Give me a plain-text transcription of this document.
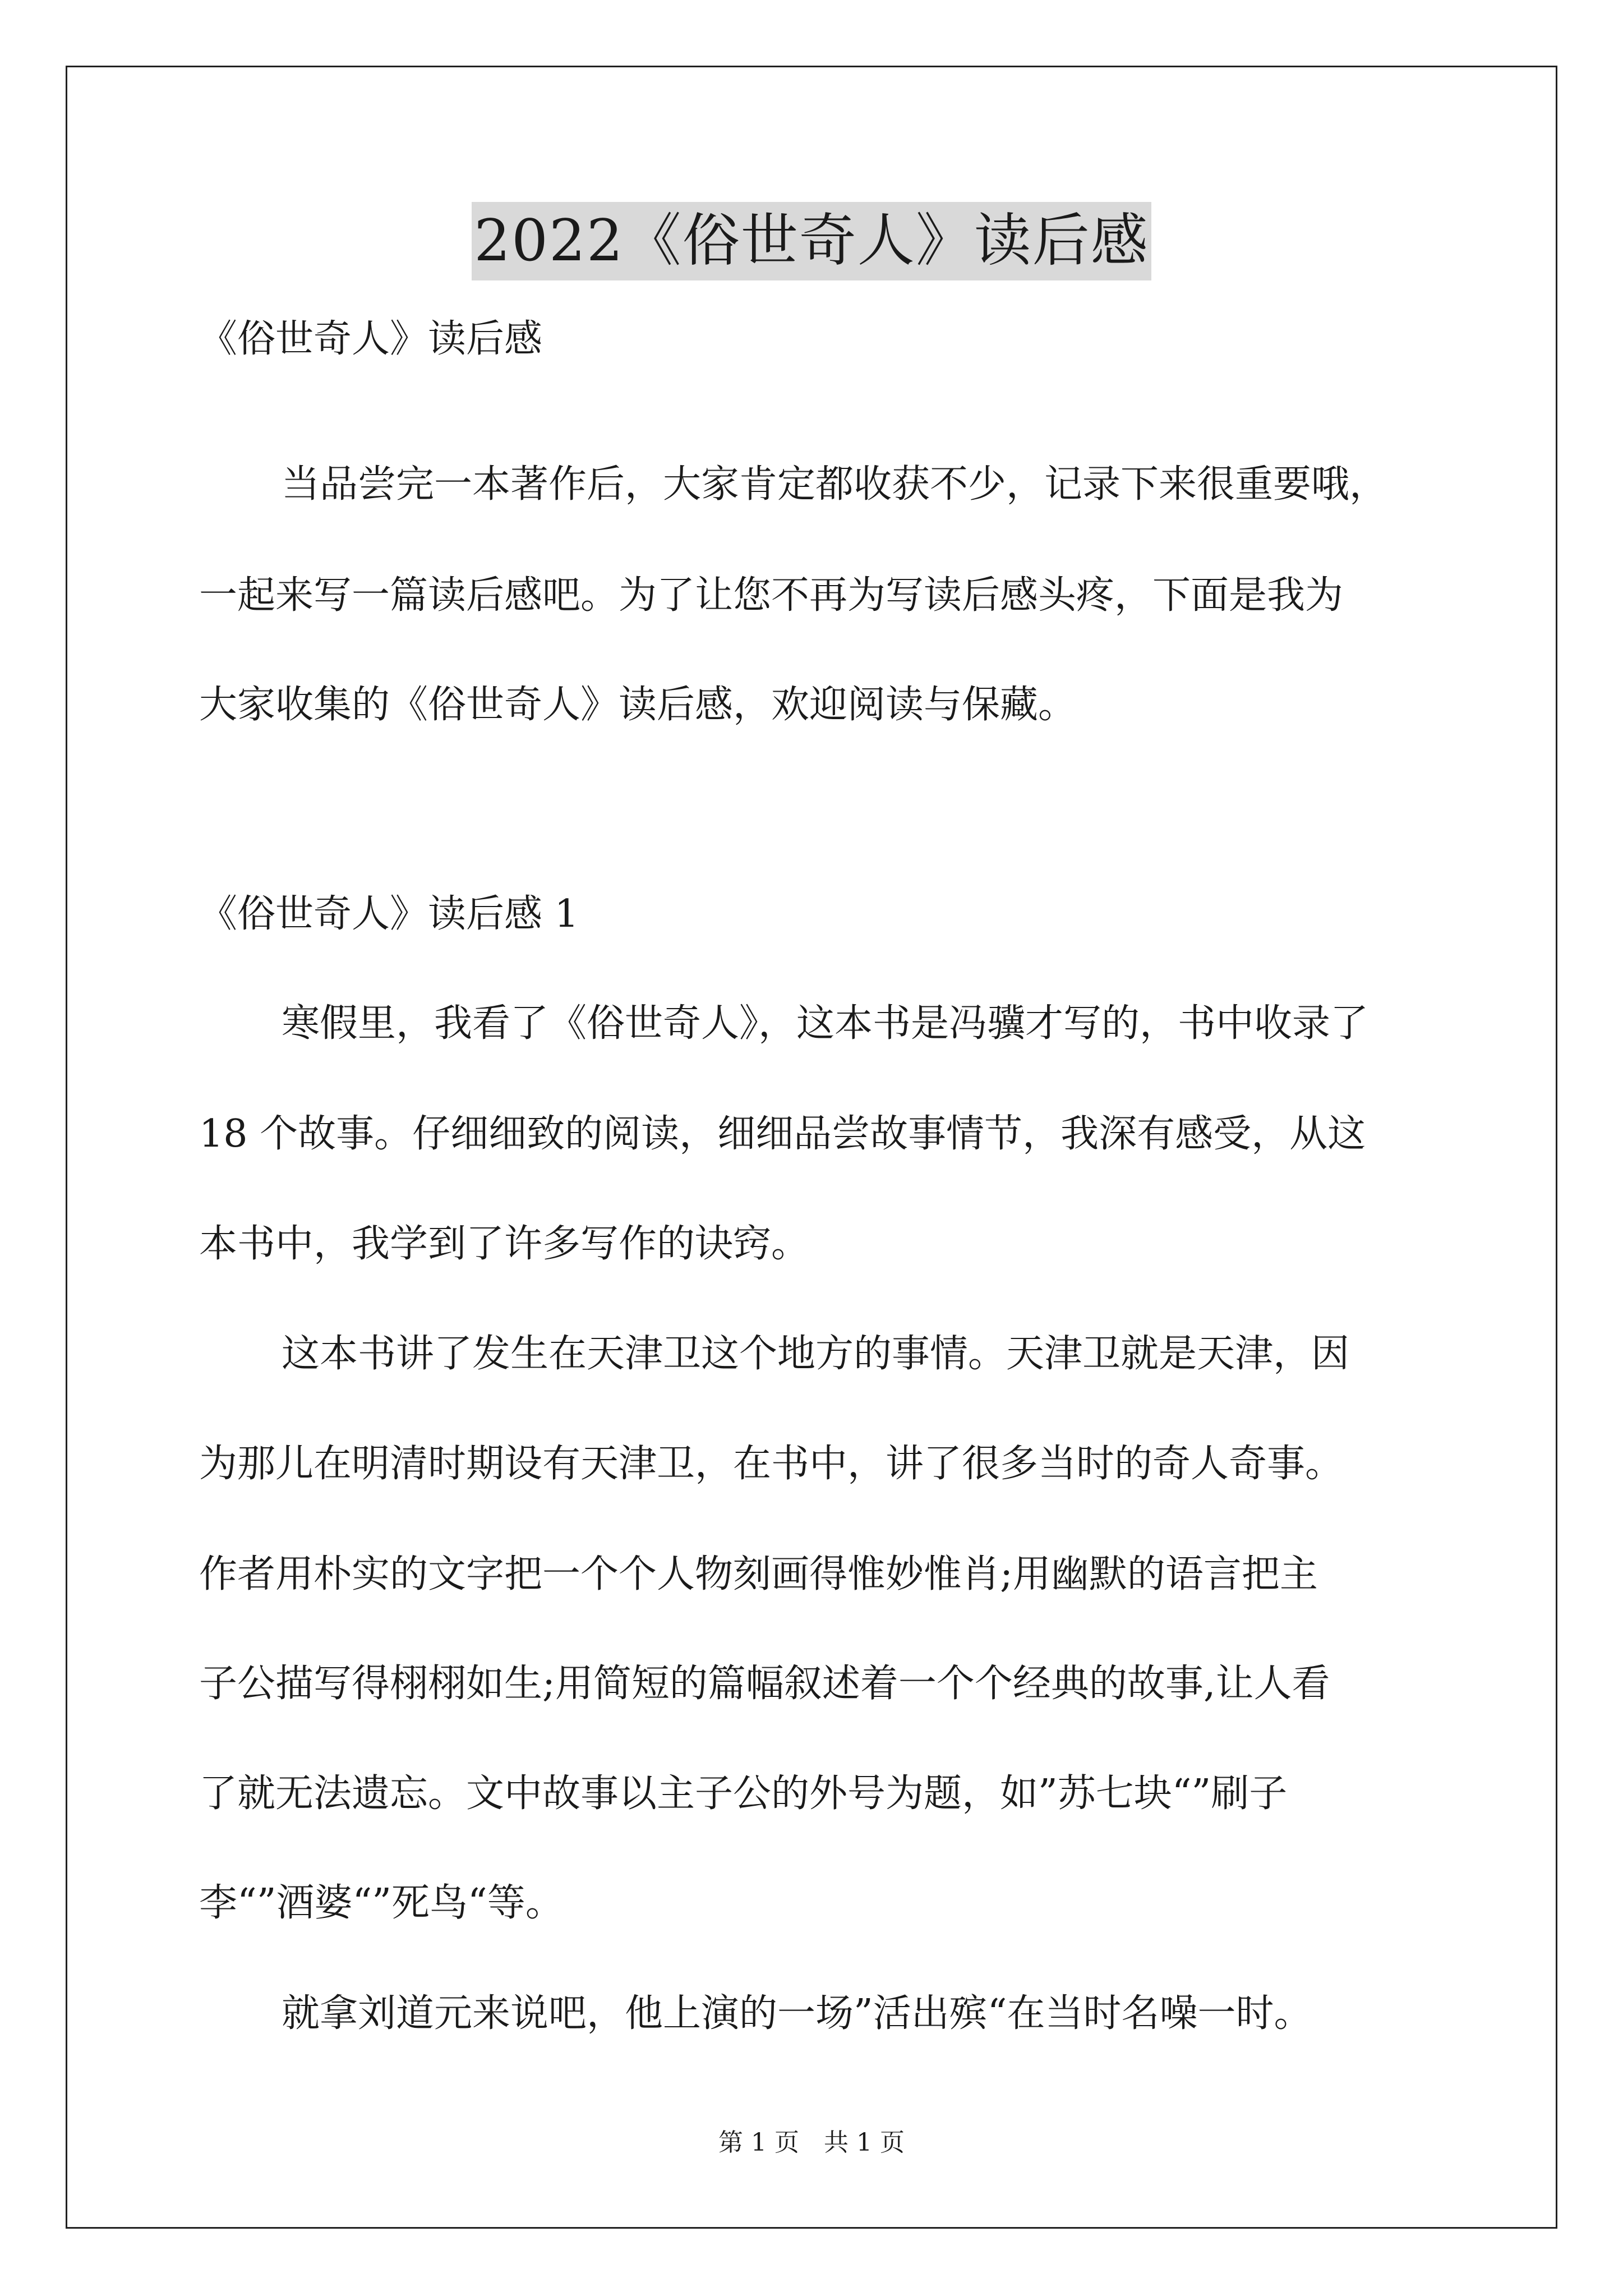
2022《俗世奇人》读后感
《俗世奇人》读后感
当品尝完一本著作后，大家肯定都收获不少，记录下来很重要哦，
一起来写一篇读后感吧。为了让您不再为写读后感头疼，下面是我为
大家收集的《俗世奇人》读后感，欢迎阅读与保藏。
《俗世奇人》读后感 1
寒假里，我看了《俗世奇人》，这本书是冯骥才写的，书中收录了
18 个故事。仔细细致的阅读，细细品尝故事情节，我深有感受，从这
本书中，我学到了许多写作的诀窍。
这本书讲了发生在天津卫这个地方的事情。天津卫就是天津，因
为那儿在明清时期设有天津卫，在书中，讲了很多当时的奇人奇事。
作者用朴实的文字把一个个人物刻画得惟妙惟肖;用幽默的语言把主
子公描写得栩栩如生;用简短的篇幅叙述着一个个经典的故事,让人看
了就无法遗忘。文中故事以主子公的外号为题，如”苏七块“”刷子
李“”酒婆“”死鸟“等。
就拿刘道元来说吧，他上演的一场”活出殡“在当时名噪一时。
第 1 页　共 1 页
